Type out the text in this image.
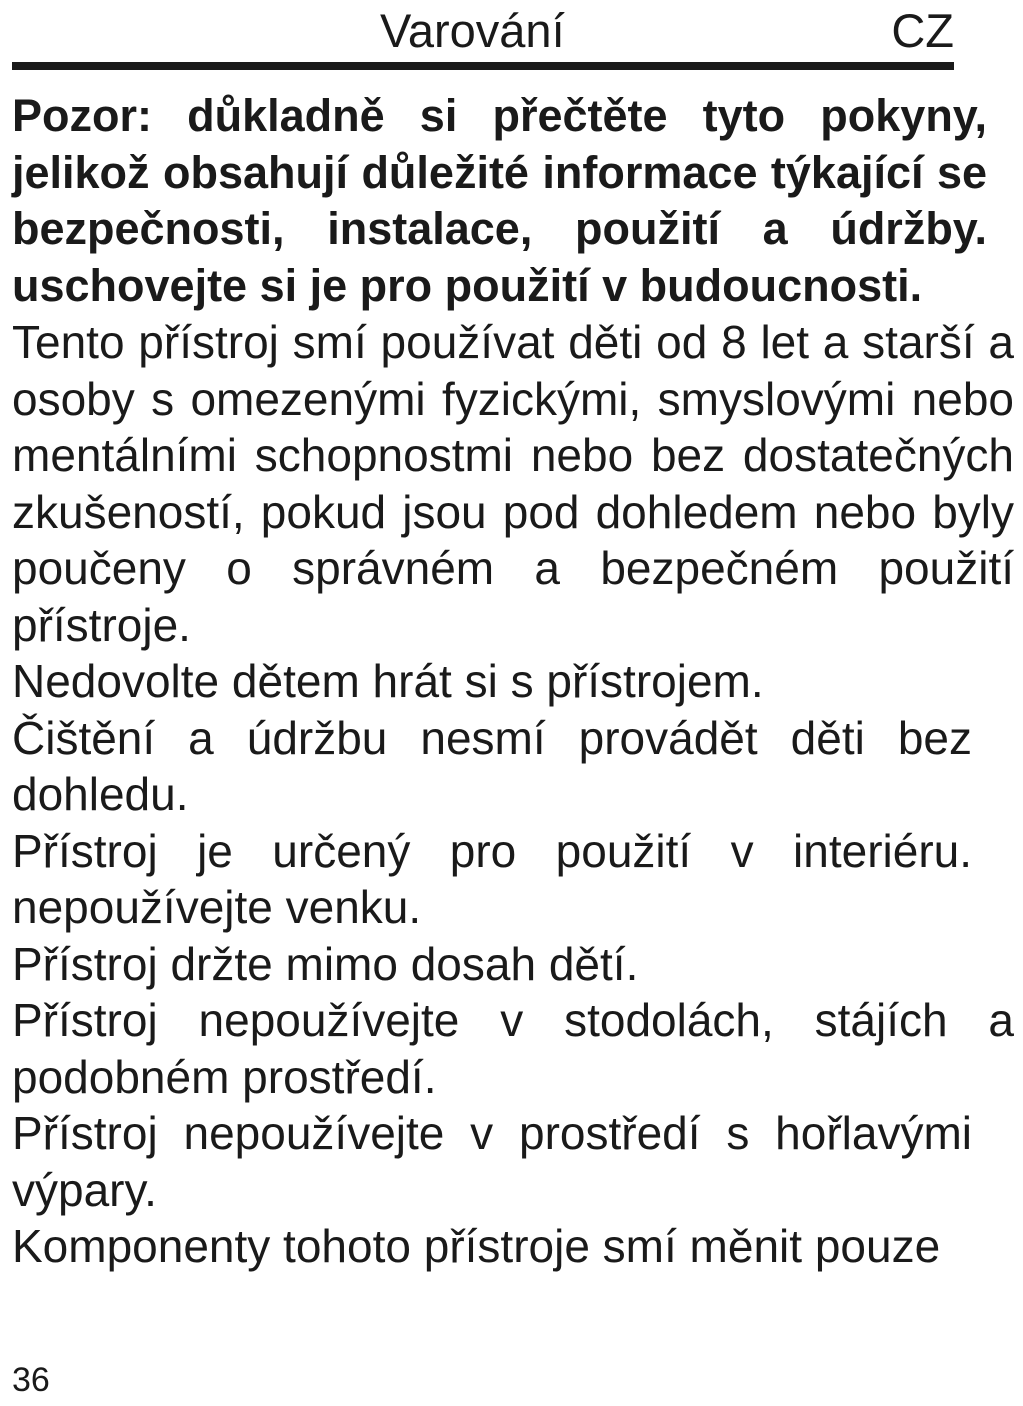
Varování	CZ

Pozor: důkladně si přečtěte tyto pokyny, jelikož obsahují důležité informace týkající se bezpečnosti, instalace, použití a údržby. uschovejte si je pro použití v budoucnosti.

Tento přístroj smí používat děti od 8 let a starší a osoby s omezenými fyzickými, smyslovými nebo mentálními schopnostmi nebo bez dostatečných zkušeností, pokud jsou pod dohledem nebo byly poučeny o správném a bezpečném použití přístroje.

Nedovolte dětem hrát si s přístrojem.

Čištění a údržbu nesmí provádět děti bez dohledu.

Přístroj je určený pro použití v interiéru. nepoužívejte venku.

Přístroj držte mimo dosah dětí.

Přístroj nepoužívejte v stodolách, stájích a podobném prostředí.

Přístroj nepoužívejte v prostředí s hořlavými výpary.

Komponenty tohoto přístroje smí měnit pouze

36
